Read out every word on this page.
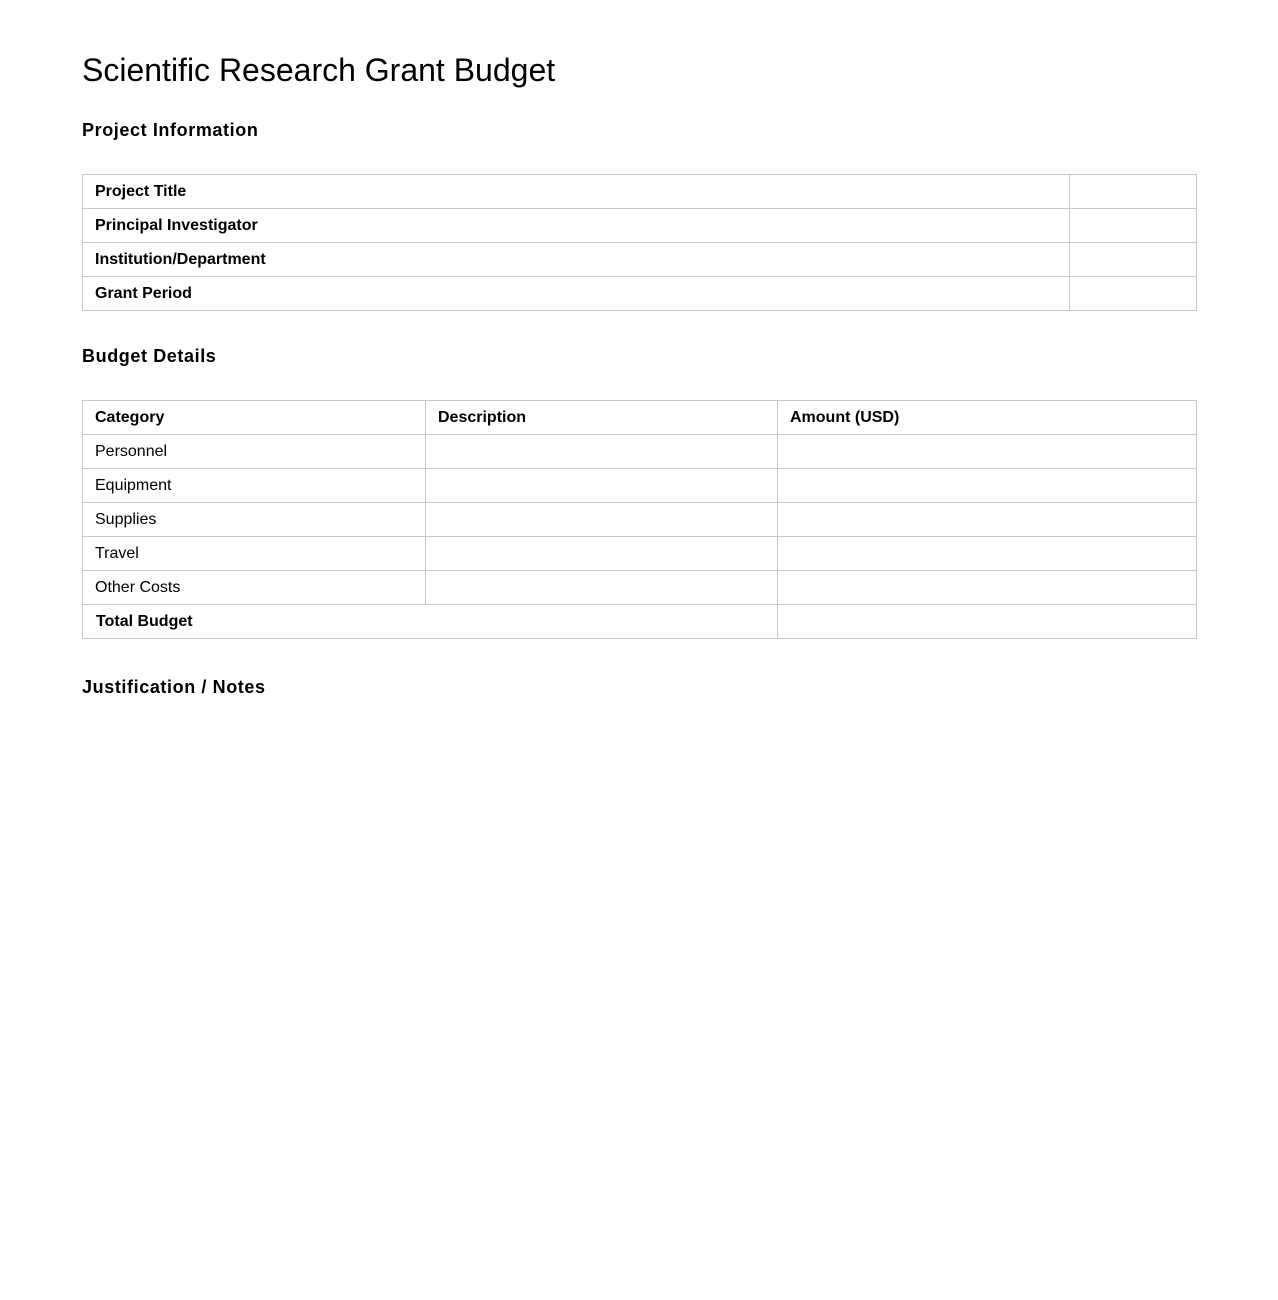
Scientific Research Grant Budget
Project Information
Project Title	
Principal Investigator	
Institution/Department	
Grant Period	
Budget Details
Category	Description	Amount (USD)
Personnel		
Equipment		
Supplies		
Travel		
Other Costs		
Total Budget		
Justification / Notes
